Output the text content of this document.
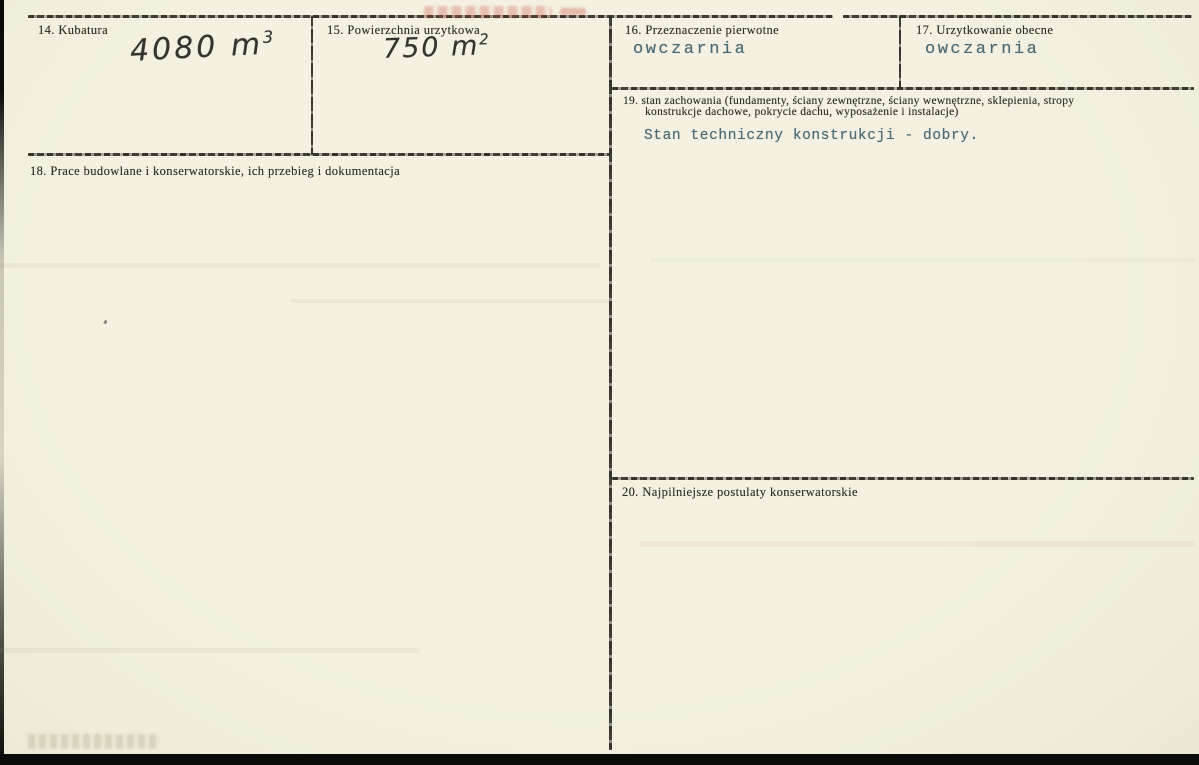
14. Kubatura 4080 $m^3$	15. Powierzchnia urzytkowa
750 $m^2$
16. Przeznaczenie pierwotne
owczarnia
17. Urzytkowanie obecne
owczarnia
18. Prace budowlane i konserwatorskie, ich przebieg i dokumentacja
19. stan zachowania (fundamenty, ściany zewnętrzne, ściany wewnętrzne, sklepienia, stropy
konstrukcje dachowe, pokrycie dachu, wyposażenie i instalacje)
Stan techniczny konstrukcji - dobry.
20. Najpilniejsze postulaty konserwatorskie
